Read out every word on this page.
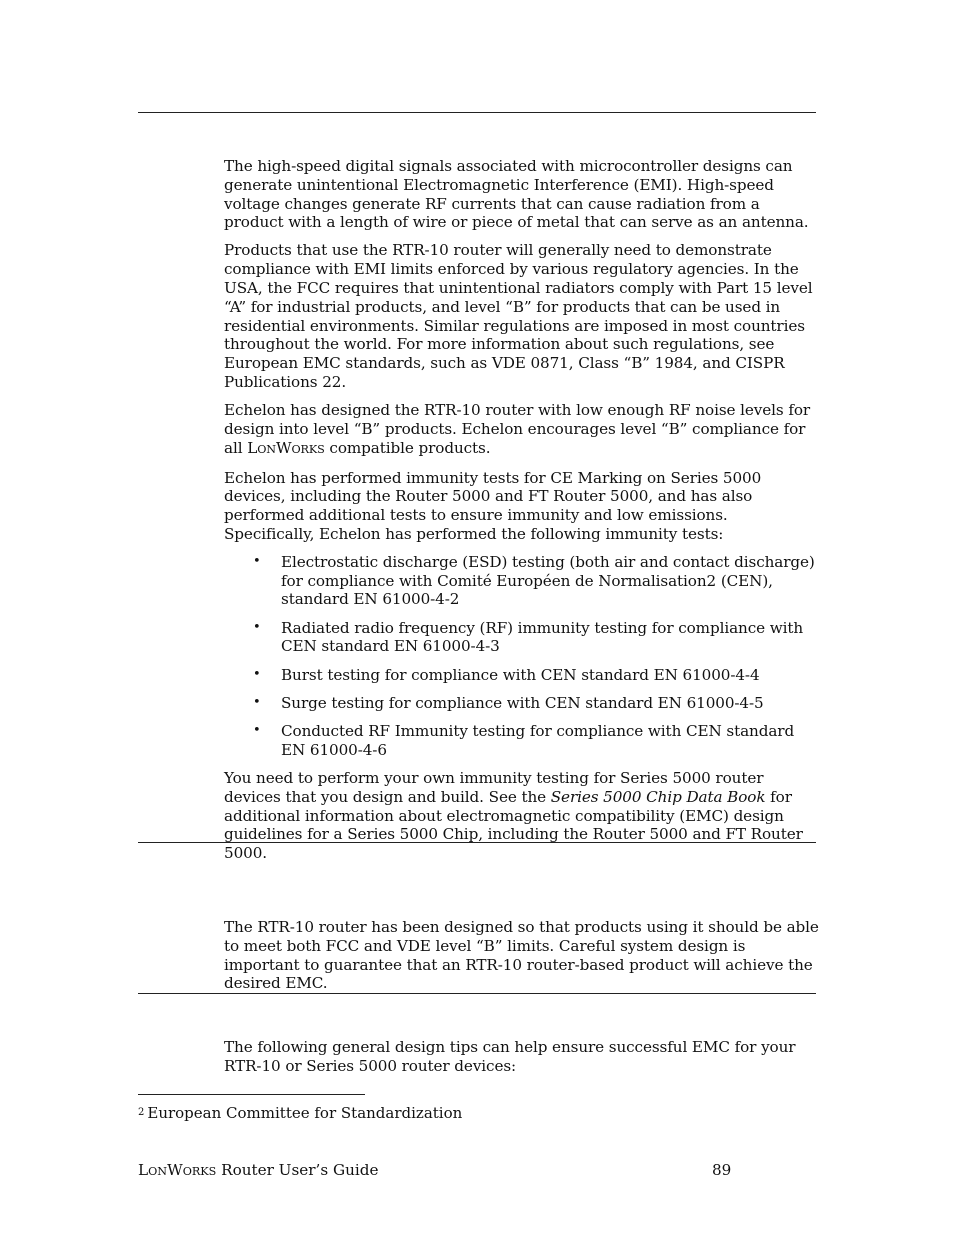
The high-speed digital signals associated with microcontroller designs can generate unintentional Electromagnetic Interference (EMI). High-speed voltage changes generate RF currents that can cause radiation from a product with a length of wire or piece of metal that can serve as an antenna.

Products that use the RTR-10 router will generally need to demonstrate compliance with EMI limits enforced by various regulatory agencies. In the USA, the FCC requires that unintentional radiators comply with Part 15 level “A” for industrial products, and level “B” for products that can be used in residential environments. Similar regulations are imposed in most countries throughout the world. For more information about such regulations, see European EMC standards, such as VDE 0871, Class “B” 1984, and CISPR Publications 22.

Echelon has designed the RTR-10 router with low enough RF noise levels for design into level “B” products. Echelon encourages level “B” compliance for all LONWORKS compatible products.

Echelon has performed immunity tests for CE Marking on Series 5000 devices, including the Router 5000 and FT Router 5000, and has also performed additional tests to ensure immunity and low emissions. Specifically, Echelon has performed the following immunity tests:

• Electrostatic discharge (ESD) testing (both air and contact discharge) for compliance with Comité Européen de Normalisation2 (CEN), standard EN 61000-4-2
• Radiated radio frequency (RF) immunity testing for compliance with CEN standard EN 61000-4-3
• Burst testing for compliance with CEN standard EN 61000-4-4
• Surge testing for compliance with CEN standard EN 61000-4-5
• Conducted RF Immunity testing for compliance with CEN standard EN 61000-4-6

You need to perform your own immunity testing for Series 5000 router devices that you design and build. See the Series 5000 Chip Data Book for additional information about electromagnetic compatibility (EMC) design guidelines for a Series 5000 Chip, including the Router 5000 and FT Router 5000.

The RTR-10 router has been designed so that products using it should be able to meet both FCC and VDE level “B” limits. Careful system design is important to guarantee that an RTR-10 router-based product will achieve the desired EMC.

The following general design tips can help ensure successful EMC for your RTR-10 or Series 5000 router devices:

$^2$ European Committee for Standardization
LONWORKS Router User’s Guide	89
